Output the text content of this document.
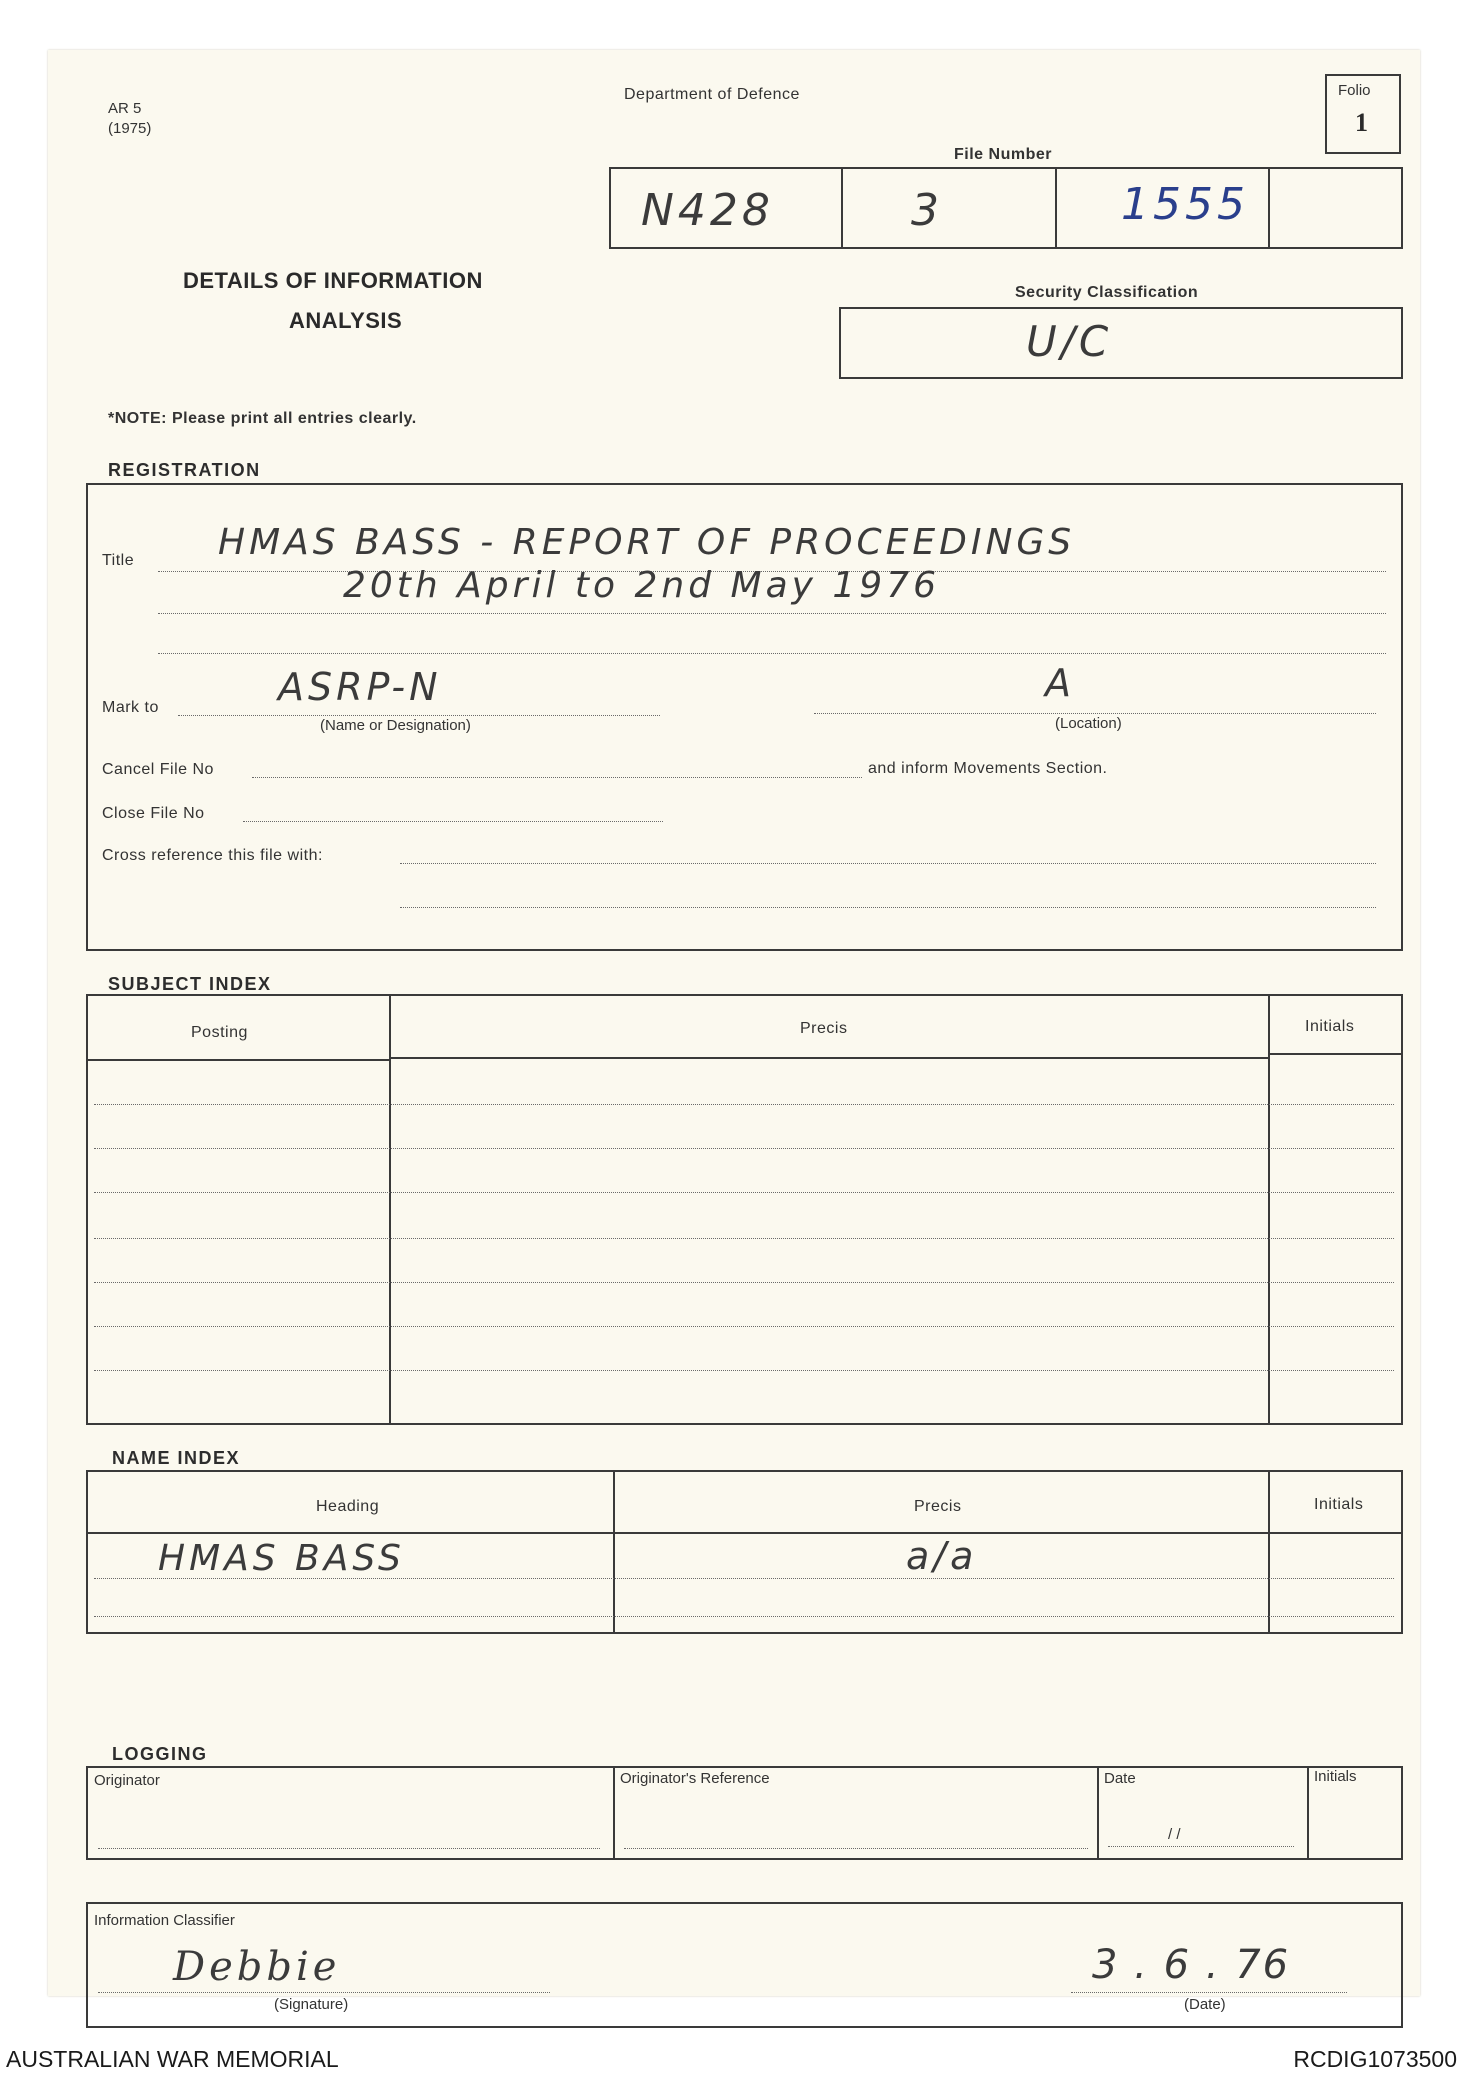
AR 5
(1975)
Department of Defence	Folio
1
File Number
N428	3	1555
DETAILS OF INFORMATION
ANALYSIS
Security Classification
U/C
*NOTE: Please print all entries clearly.
REGISTRATION
Title HMAS BASS - REPORT OF PROCEEDINGS
20th April to 2nd May 1976
Mark to	ASRP-N
(Name or Designation)
A
(Location)
Cancel File No	and inform Movements Section.
Close File No
Cross reference this file with:
SUBJECT INDEX
Posting	Precis	Initials
NAME INDEX
Heading	Precis	Initials
HMAS BASS	a/a
LOGGING
Originator	Originator's Reference	Date	Initials
/ /
Information Classifier
Debbie
(Signature)
3 . 6 . 76
(Date)
AUSTRALIAN WAR MEMORIAL	RCDIG1073500
